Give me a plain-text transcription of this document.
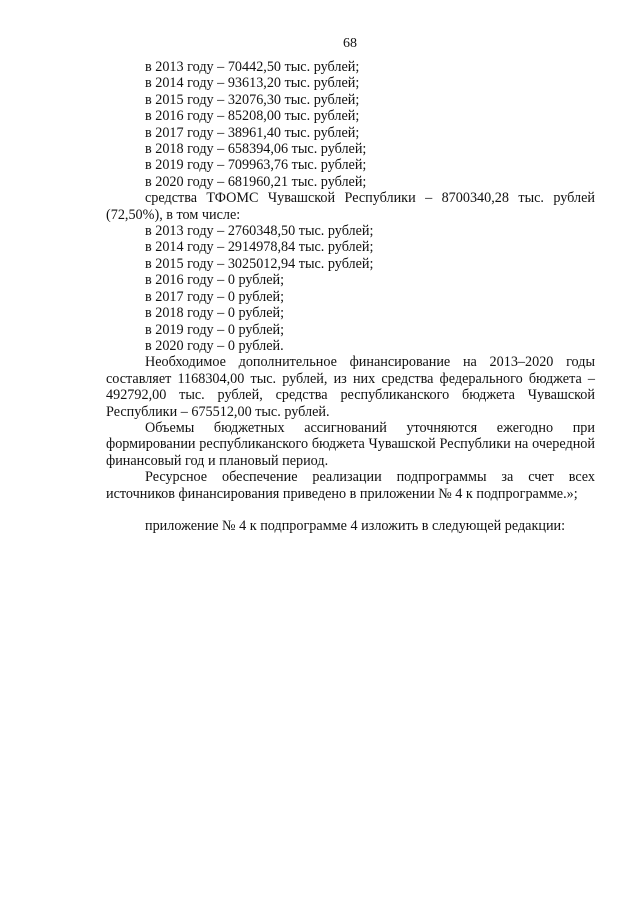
68
в 2013 году – 70442,50 тыс. рублей;
в 2014 году – 93613,20 тыс. рублей;
в 2015 году – 32076,30 тыс. рублей;
в 2016 году – 85208,00 тыс. рублей;
в 2017 году – 38961,40 тыс. рублей;
в 2018 году – 658394,06 тыс. рублей;
в 2019 году – 709963,76 тыс. рублей;
в 2020 году – 681960,21 тыс. рублей;

средства ТФОМС Чувашской Республики – 8700340,28 тыс. рублей (72,50%), в том числе:

в 2013 году – 2760348,50 тыс. рублей;
в 2014 году – 2914978,84 тыс. рублей;
в 2015 году – 3025012,94 тыс. рублей;
в 2016 году – 0 рублей;
в 2017 году – 0 рублей;
в 2018 году – 0 рублей;
в 2019 году – 0 рублей;
в 2020 году – 0 рублей.

Необходимое дополнительное финансирование на 2013–2020 годы составляет 1168304,00 тыс. рублей, из них средства федерального бюджета – 492792,00 тыс. рублей, средства республиканского бюджета Чувашской Республики – 675512,00 тыс. рублей.

Объемы бюджетных ассигнований уточняются ежегодно при формировании республиканского бюджета Чувашской Республики на очередной финансовый год и плановый период.

Ресурсное обеспечение реализации подпрограммы за счет всех источников финансирования приведено в приложении № 4 к подпрограмме.»;

приложение № 4 к подпрограмме 4 изложить в следующей редакции:
